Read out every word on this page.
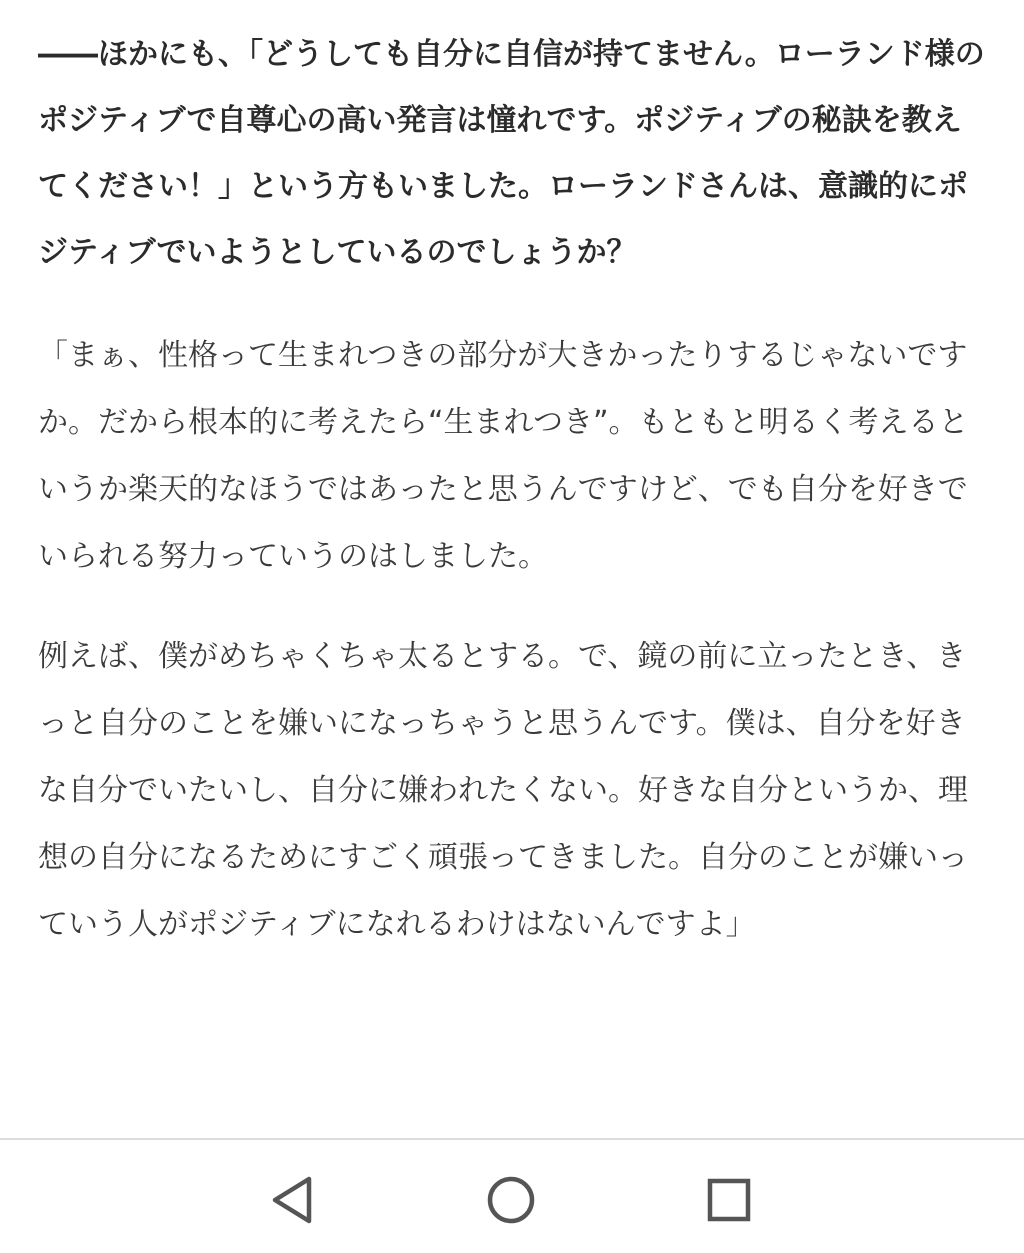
――ほかにも、「どうしても自分に自信が持てません。ローランド様のポジティブで自尊心の高い発言は憧れです。ポジティブの秘訣を教えてください！」という方もいました。ローランドさんは、意識的にポジティブでいようとしているのでしょうか？

「まぁ、性格って生まれつきの部分が大きかったりするじゃないですか。だから根本的に考えたら“生まれつき”。もともと明るく考えるというか楽天的なほうではあったと思うんですけど、でも自分を好きでいられる努力っていうのはしました。

例えば、僕がめちゃくちゃ太るとする。で、鏡の前に立ったとき、きっと自分のことを嫌いになっちゃうと思うんです。僕は、自分を好きな自分でいたいし、自分に嫌われたくない。好きな自分というか、理想の自分になるためにすごく頑張ってきました。自分のことが嫌いっていう人がポジティブになれるわけはないんですよ」
